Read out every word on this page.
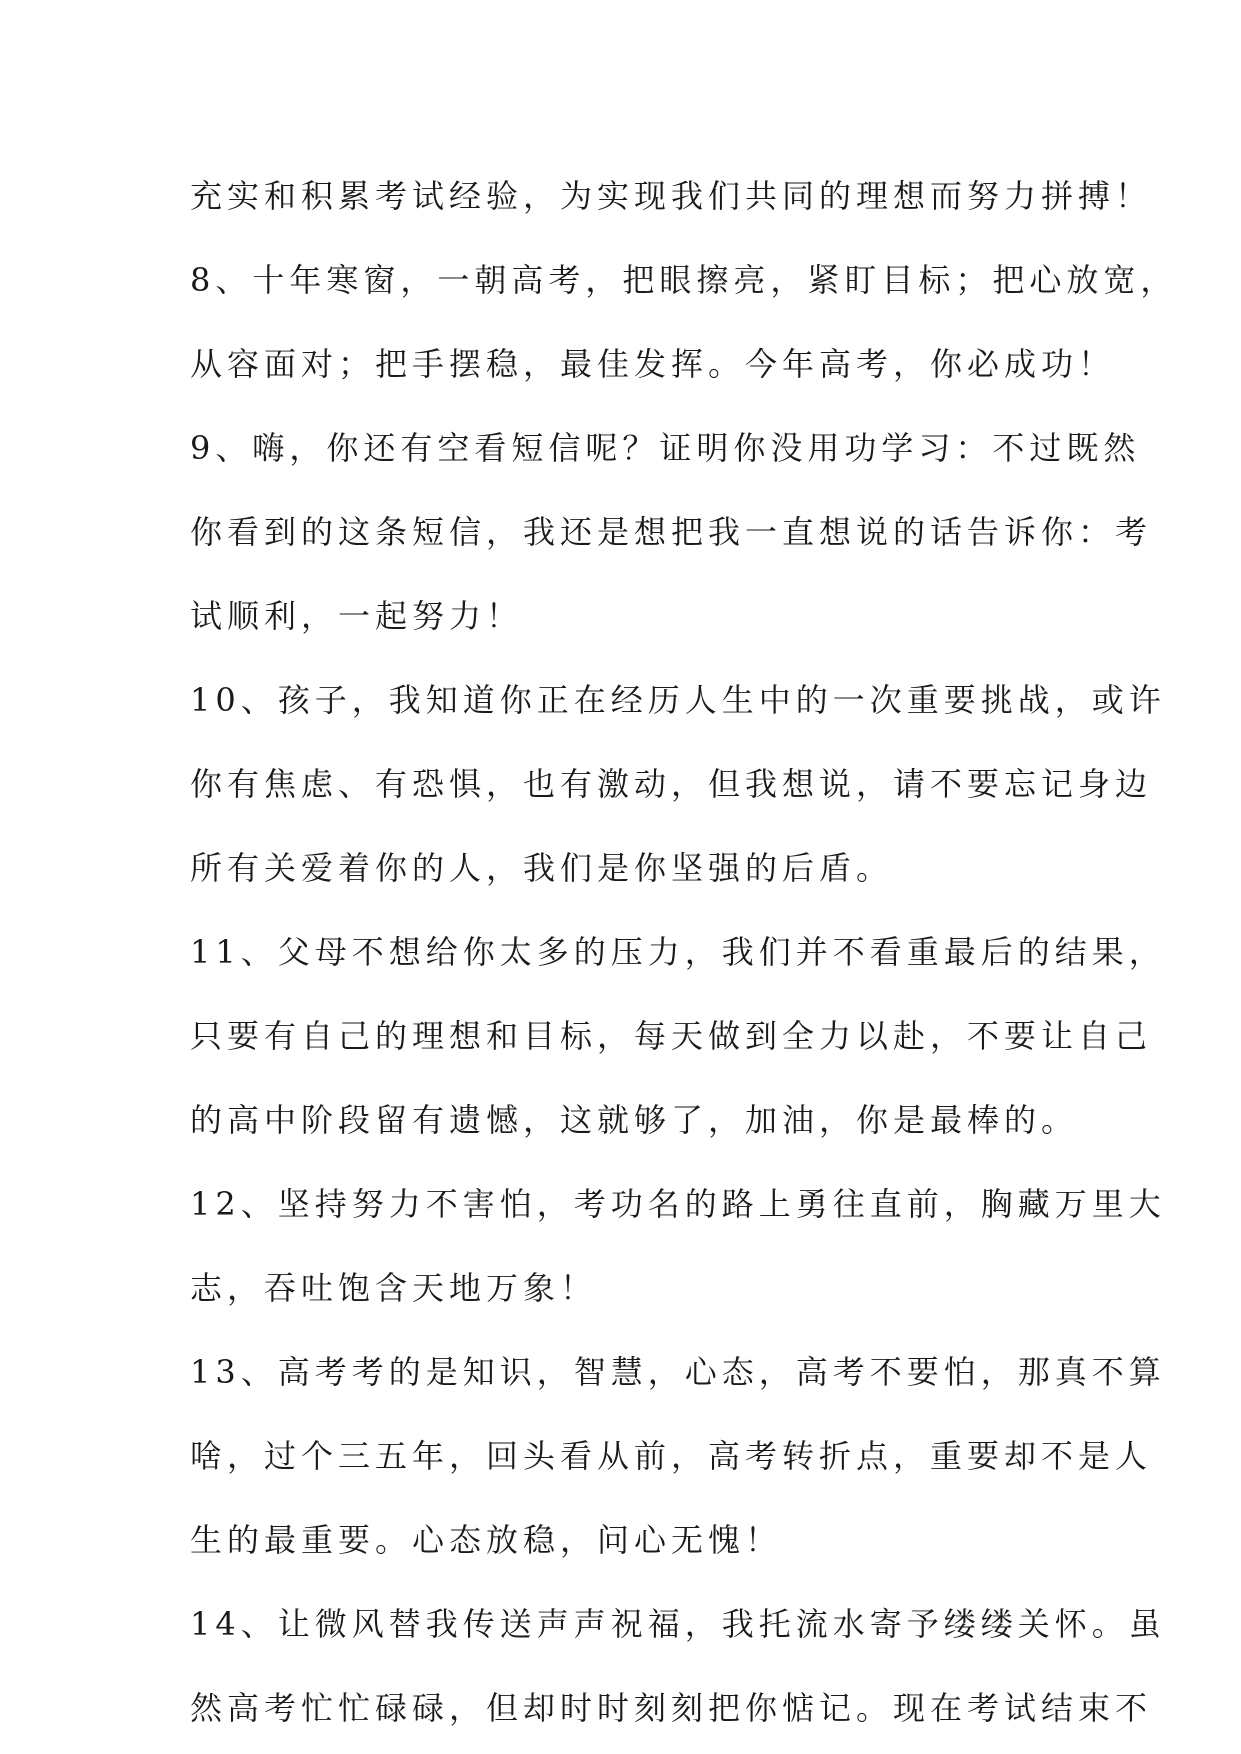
充实和积累考试经验，为实现我们共同的理想而努力拼搏！
8、十年寒窗，一朝高考，把眼擦亮，紧盯目标；把心放宽，
从容面对；把手摆稳，最佳发挥。今年高考，你必成功！
9、嗨，你还有空看短信呢？证明你没用功学习：不过既然
你看到的这条短信，我还是想把我一直想说的话告诉你：考
试顺利，一起努力！
10、孩子，我知道你正在经历人生中的一次重要挑战，或许
你有焦虑、有恐惧，也有激动，但我想说，请不要忘记身边
所有关爱着你的人，我们是你坚强的后盾。
11、父母不想给你太多的压力，我们并不看重最后的结果，
只要有自己的理想和目标，每天做到全力以赴，不要让自己
的高中阶段留有遗憾，这就够了，加油，你是最棒的。
12、坚持努力不害怕，考功名的路上勇往直前，胸藏万里大
志，吞吐饱含天地万象！
13、高考考的是知识，智慧，心态，高考不要怕，那真不算
啥，过个三五年，回头看从前，高考转折点，重要却不是人
生的最重要。心态放稳，问心无愧！
14、让微风替我传送声声祝福，我托流水寄予缕缕关怀。虽
然高考忙忙碌碌，但却时时刻刻把你惦记。现在考试结束不
